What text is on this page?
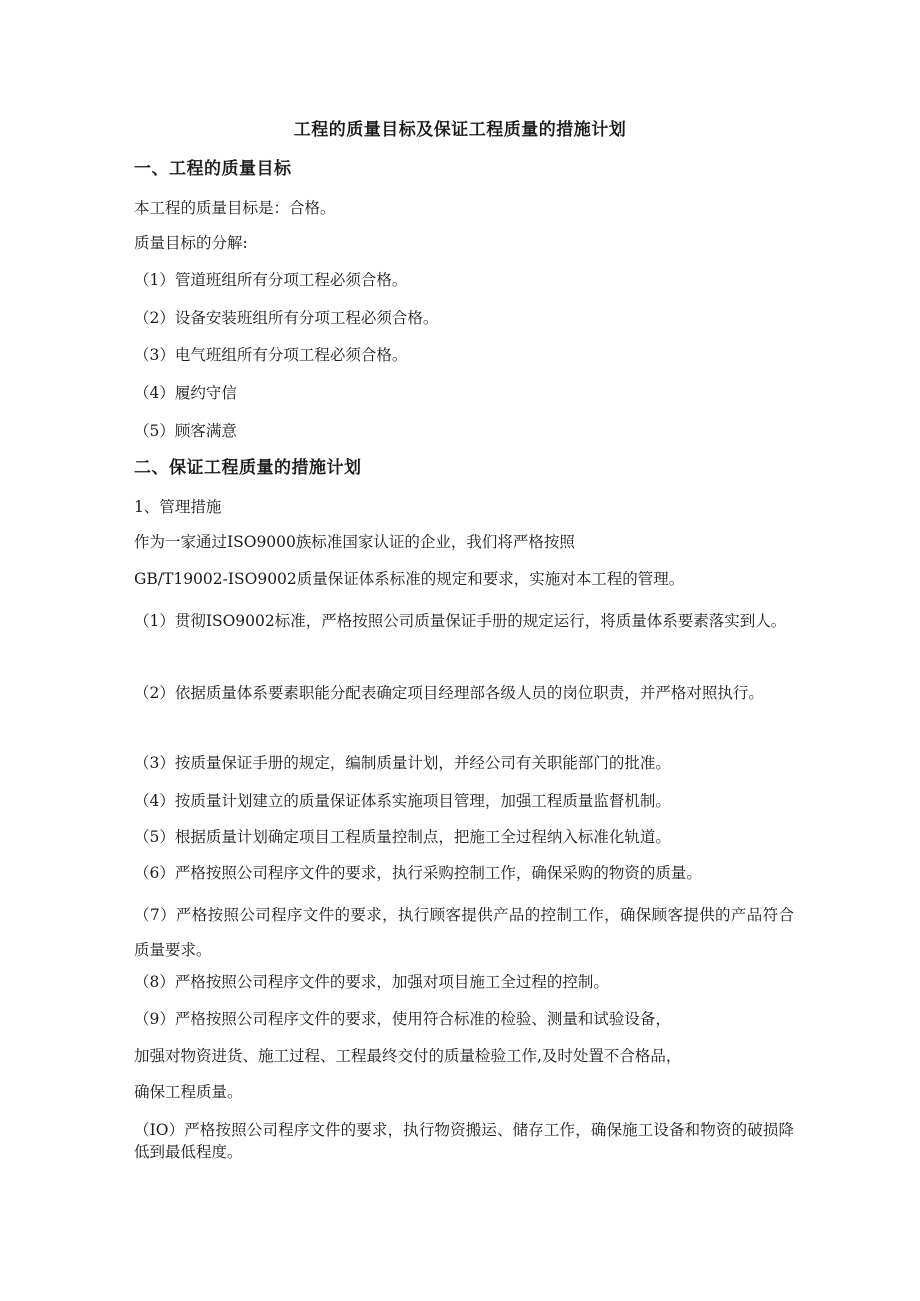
工程的质量目标及保证工程质量的措施计划
一、工程的质量目标
本工程的质量目标是：合格。
质量目标的分解:
（1）管道班组所有分项工程必须合格。
（2）设备安装班组所有分项工程必须合格。
（3）电气班组所有分项工程必须合格。
（4）履约守信
（5）顾客满意
二、保证工程质量的措施计划
1、管理措施
作为一家通过ISO9000族标准国家认证的企业，我们将严格按照
GB/T19002-ISO9002质量保证体系标准的规定和要求，实施对本工程的管理。
（1）贯彻ISO9002标准，严格按照公司质量保证手册的规定运行，将质量体系要素落实到人。
（2）依据质量体系要素职能分配表确定项目经理部各级人员的岗位职责，并严格对照执行。
（3）按质量保证手册的规定，编制质量计划，并经公司有关职能部门的批准。
（4）按质量计划建立的质量保证体系实施项目管理，加强工程质量监督机制。
（5）根据质量计划确定项目工程质量控制点，把施工全过程纳入标准化轨道。
（6）严格按照公司程序文件的要求，执行采购控制工作，确保采购的物资的质量。
（7）严格按照公司程序文件的要求，执行顾客提供产品的控制工作，确保顾客提供的产品符合质量要求。
（8）严格按照公司程序文件的要求，加强对项目施工全过程的控制。
（9）严格按照公司程序文件的要求，使用符合标准的检验、测量和试验设备，
加强对物资进货、施工过程、工程最终交付的质量检验工作,及时处置不合格品，
确保工程质量。
（IO）严格按照公司程序文件的要求，执行物资搬运、储存工作，确保施工设备和物资的破损降低到最低程度。
